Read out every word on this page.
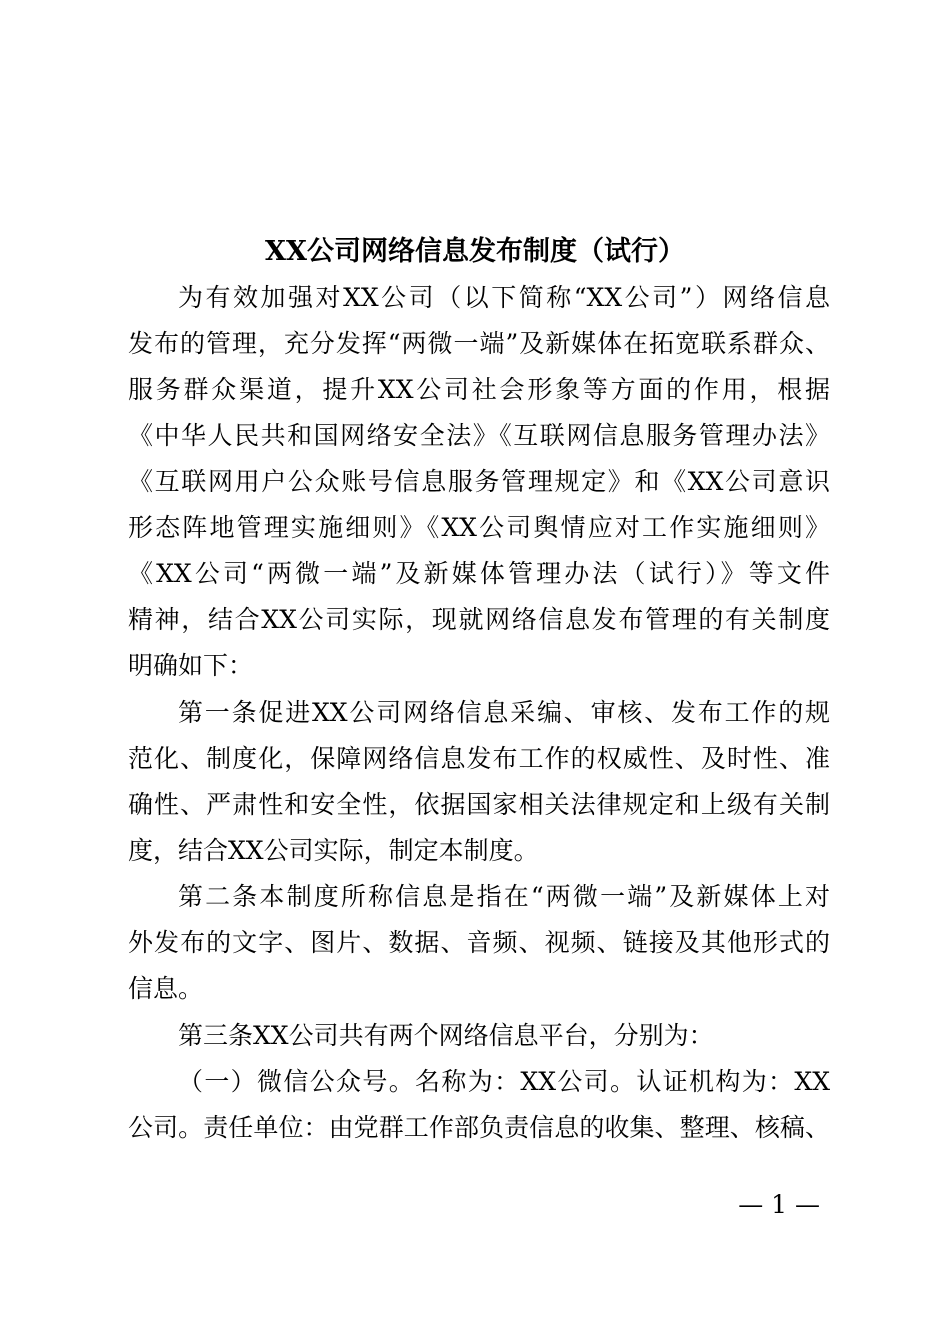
XX公司网络信息发布制度（试行）
为有效加强对XX公司（以下简称“XX公司”）网络信息
发布的管理，充分发挥“两微一端”及新媒体在拓宽联系群众、
服务群众渠道，提升XX公司社会形象等方面的作用，根据
《中华人民共和国网络安全法》《互联网信息服务管理办法》
《互联网用户公众账号信息服务管理规定》和《XX公司意识
形态阵地管理实施细则》《XX公司舆情应对工作实施细则》
《XX公司“两微一端”及新媒体管理办法（试行）》等文件
精神，结合XX公司实际，现就网络信息发布管理的有关制度
明确如下：
第一条促进XX公司网络信息采编、审核、发布工作的规
范化、制度化，保障网络信息发布工作的权威性、及时性、准
确性、严肃性和安全性，依据国家相关法律规定和上级有关制
度，结合XX公司实际，制定本制度。
第二条本制度所称信息是指在“两微一端”及新媒体上对
外发布的文字、图片、数据、音频、视频、链接及其他形式的
信息。
第三条XX公司共有两个网络信息平台，分别为：
（一）微信公众号。名称为：XX公司。认证机构为：XX
公司。责任单位：由党群工作部负责信息的收集、整理、核稿、
— 1 —
